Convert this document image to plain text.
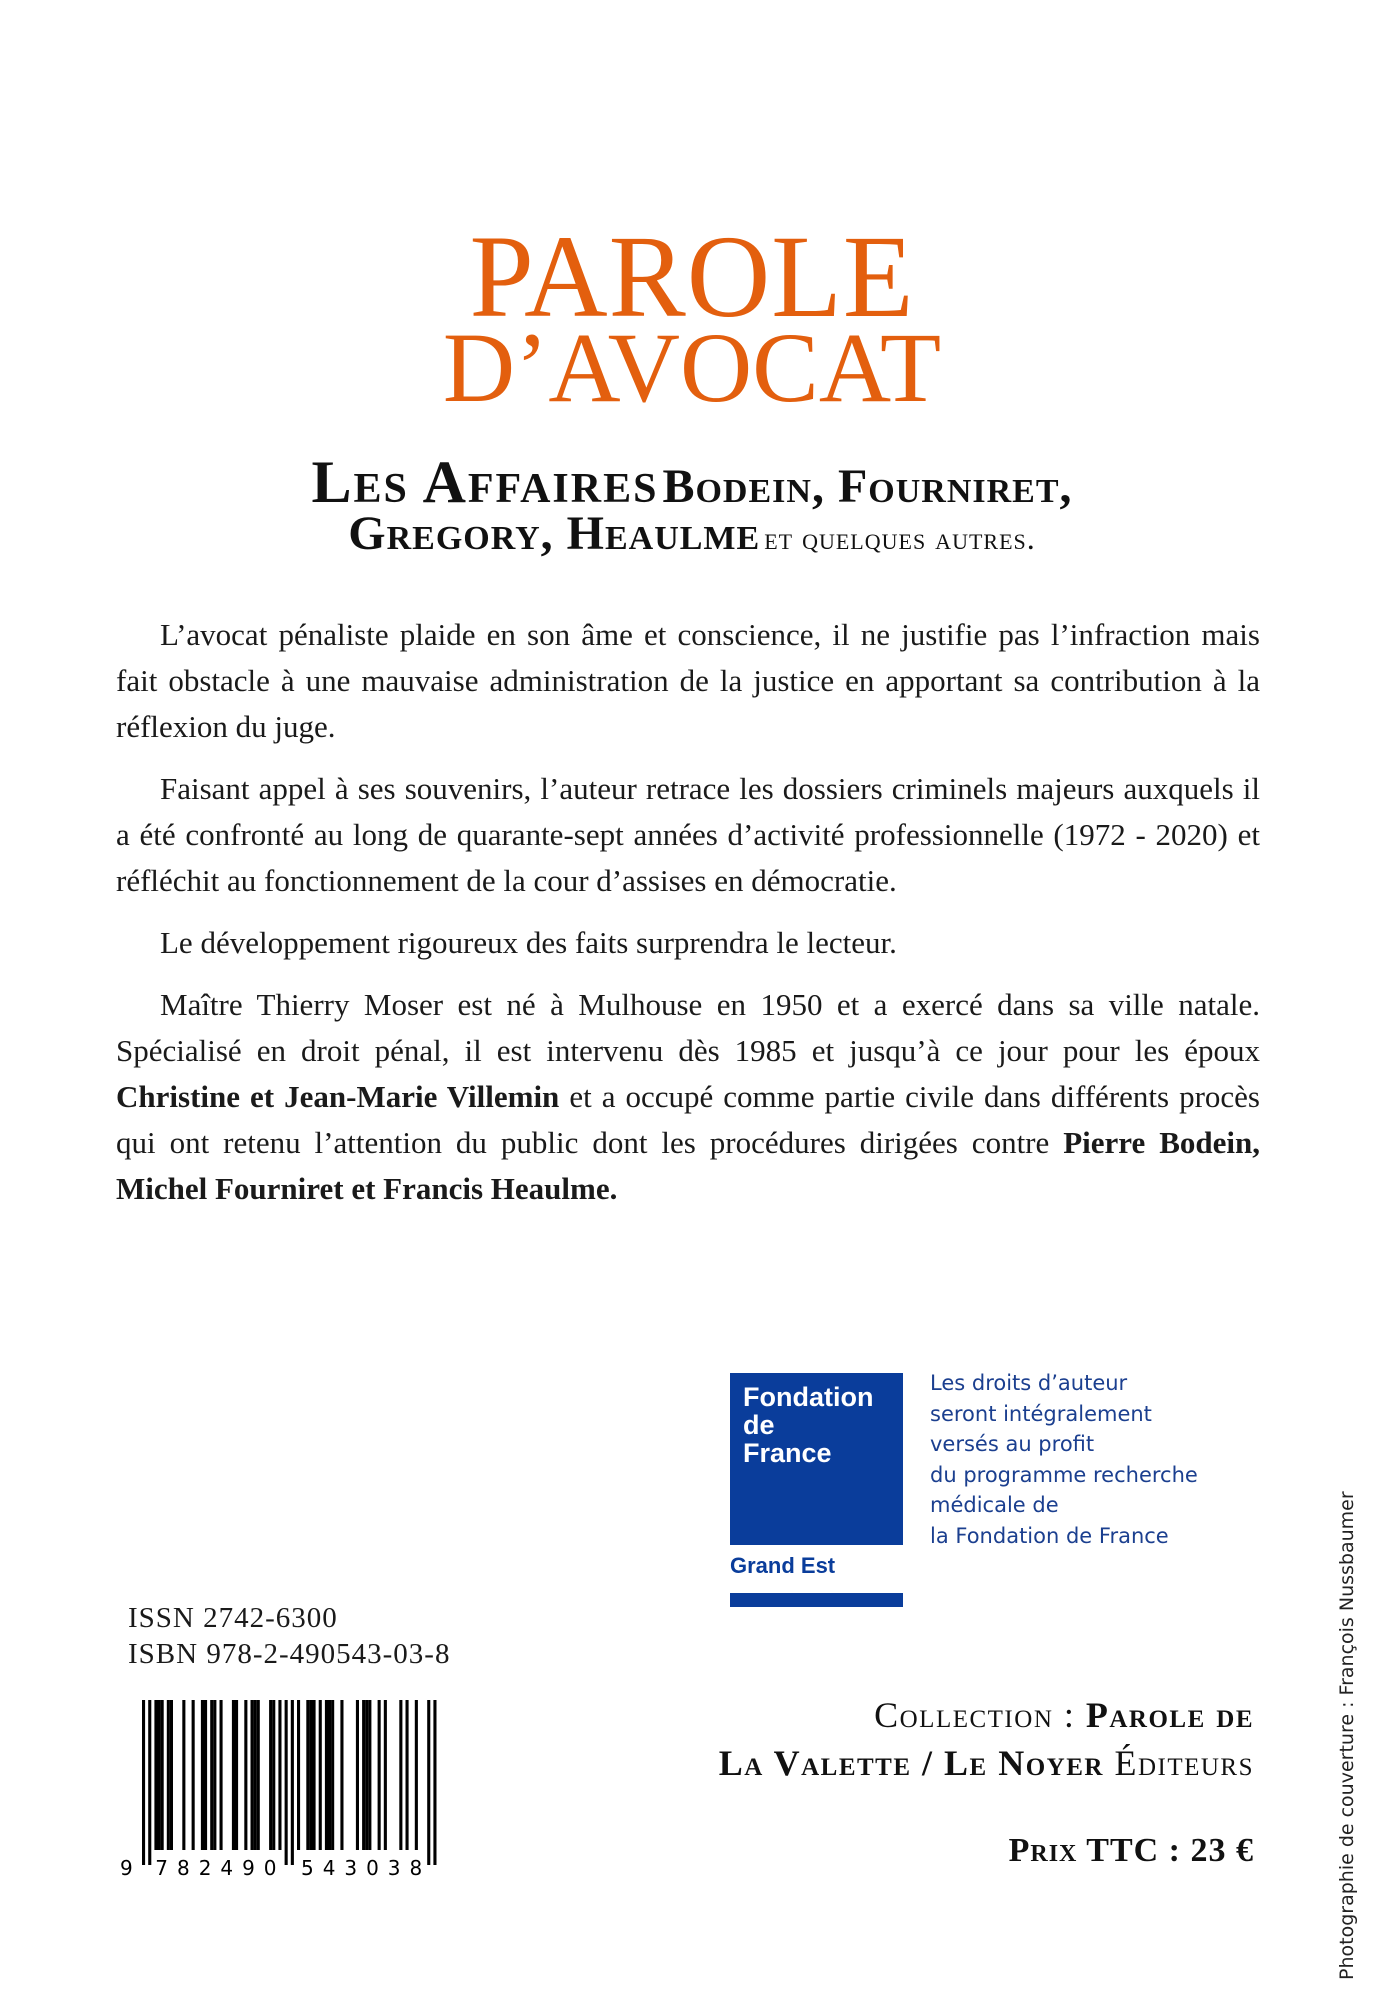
PAROLE
D’AVOCAT
Les Affaires Bodein, Fourniret,
Gregory, Heaulme et quelques autres.

L’avocat pénaliste plaide en son âme et conscience, il ne justifie pas l’infraction mais fait obstacle à une mauvaise administration de la justice en apportant sa contribution à la réflexion du juge.

Faisant appel à ses souvenirs, l’auteur retrace les dossiers criminels majeurs auxquels il a été confronté au long de quarante-sept années d’activité professionnelle (1972 - 2020) et réfléchit au fonctionnement de la cour d’assises en démocratie.

Le développement rigoureux des faits surprendra le lecteur.

Maître Thierry Moser est né à Mulhouse en 1950 et a exercé dans sa ville natale. Spécialisé en droit pénal, il est intervenu dès 1985 et jusqu’à ce jour pour les époux Christine et Jean-Marie Villemin et a occupé comme partie civile dans différents procès qui ont retenu l’attention du public dont les procédures dirigées contre Pierre Bodein, Michel Fourniret et Francis Heaulme.

Fondation
de
France
Grand Est
Les droits d’auteur
seront intégralement
versés au profit
du programme recherche
médicale de
la Fondation de France
ISSN 2742-6300
ISBN 978-2-490543-03-8
9 7 8 2 4 9 0 5 4 3 0 3 8
Collection : Parole de
La Valette / Le Noyer Éditeurs
Prix TTC : 23 €	Photographie de couverture : François Nussbaumer
